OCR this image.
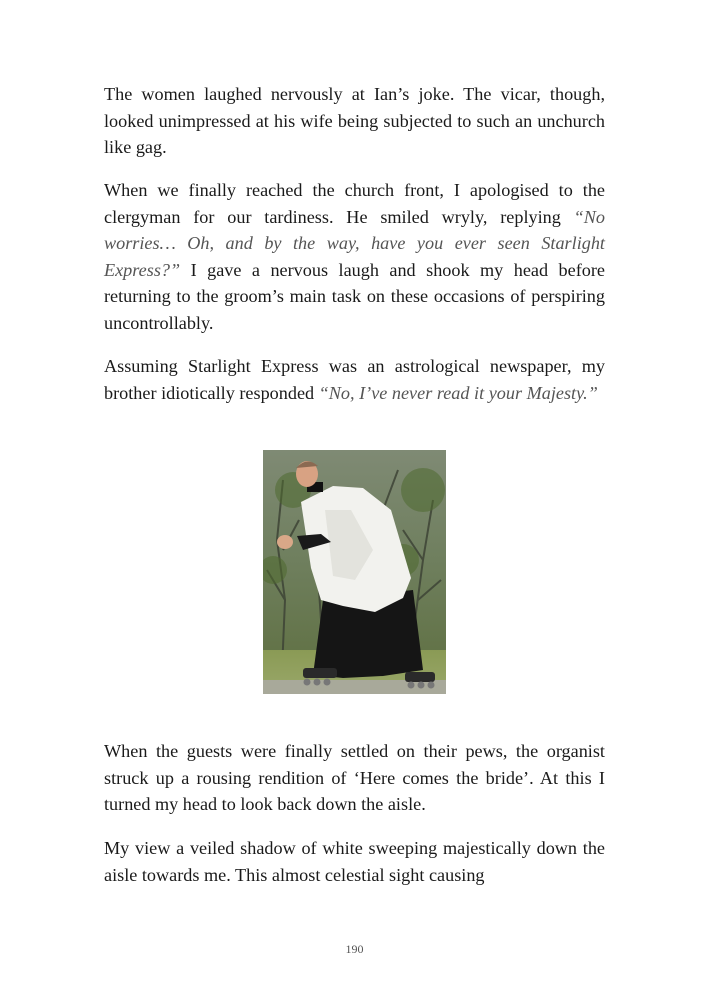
The women laughed nervously at Ian’s joke. The vicar, though, looked unimpressed at his wife being subjected to such an unchurch like gag.

When we finally reached the church front, I apologised to the clergyman for our tardiness. He smiled wryly, replying “No worries… Oh, and by the way, have you ever seen Starlight Express?” I gave a nervous laugh and shook my head before returning to the groom’s main task on these occasions of perspiring uncontrollably.

Assuming Starlight Express was an astrological newspaper, my brother idiotically responded “No, I’ve never read it your Majesty.”

When the guests were finally settled on their pews, the organist struck up a rousing rendition of ‘Here comes the bride’. At this I turned my head to look back down the aisle.

My view a veiled shadow of white sweeping majestically down the aisle towards me. This almost celestial sight causing

190
